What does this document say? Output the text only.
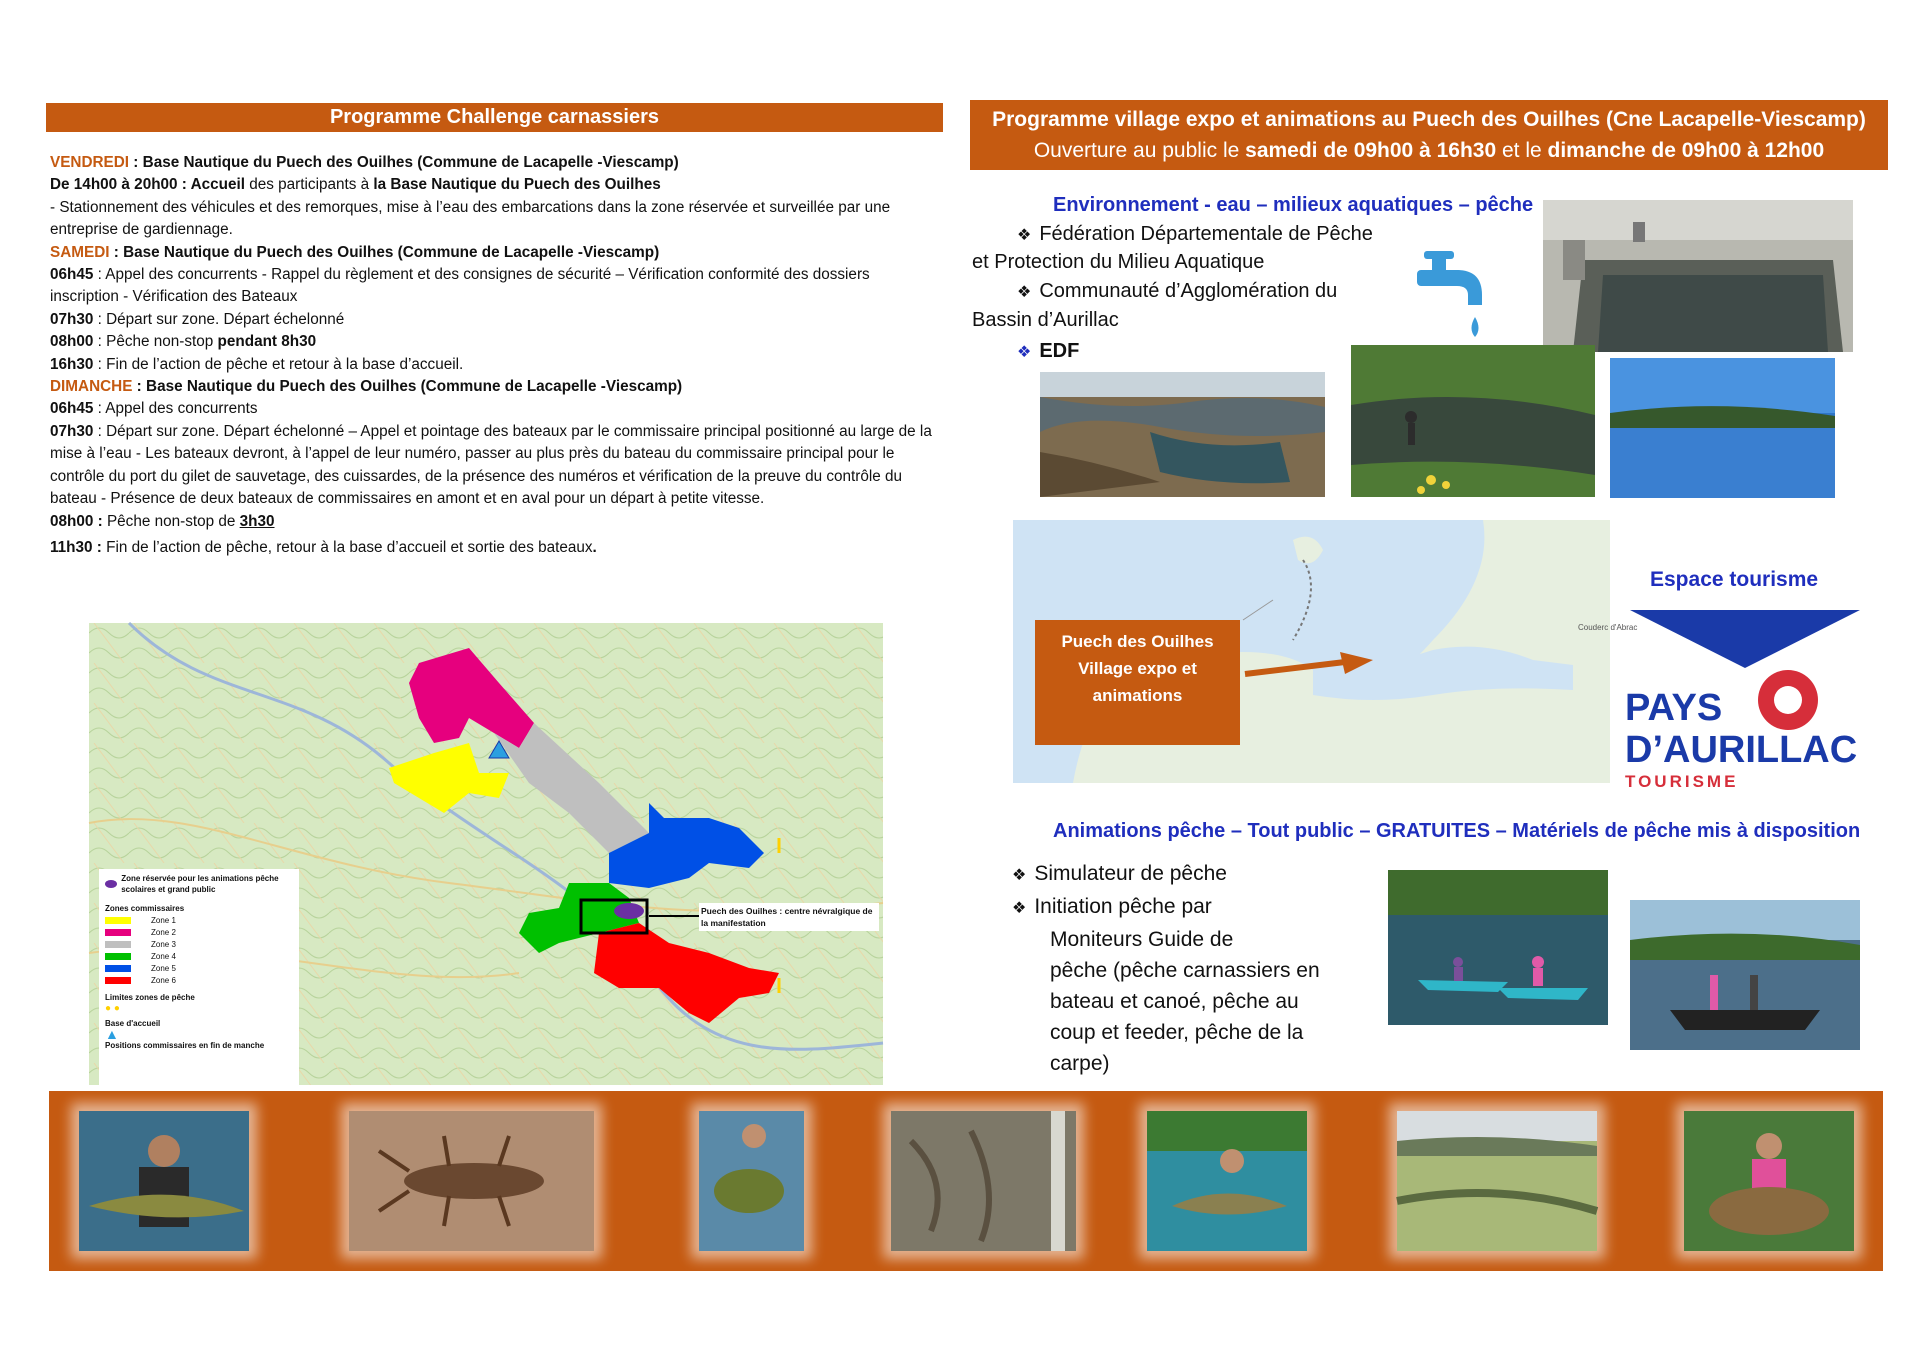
Programme Challenge carnassiers

VENDREDI : Base Nautique du Puech des Ouilhes (Commune de Lacapelle -Viescamp)

De 14h00 à 20h00 : Accueil des participants à la Base Nautique du Puech des Ouilhes

- Stationnement des véhicules et des remorques, mise à l’eau des embarcations dans la zone réservée et surveillée par une entreprise de gardiennage.

SAMEDI : Base Nautique du Puech des Ouilhes (Commune de Lacapelle -Viescamp)

06h45 : Appel des concurrents - Rappel du règlement et des consignes de sécurité – Vérification conformité des dossiers inscription - Vérification des Bateaux

07h30 : Départ sur zone. Départ échelonné

08h00 : Pêche non-stop pendant 8h30

16h30 : Fin de l’action de pêche et retour à la base d’accueil.

DIMANCHE : Base Nautique du Puech des Ouilhes (Commune de Lacapelle -Viescamp)

06h45 : Appel des concurrents

07h30 : Départ sur zone. Départ échelonné – Appel et pointage des bateaux par le commissaire principal positionné au large de la mise à l’eau - Les bateaux devront, à l’appel de leur numéro, passer au plus près du bateau du commissaire principal pour le contrôle du port du gilet de sauvetage, des cuissardes, de la présence des numéros et vérification de la preuve du contrôle du bateau - Présence de deux bateaux de commissaires en amont et en aval pour un départ à petite vitesse.

08h00 : Pêche non-stop de 3h30

11h30 : Fin de l’action de pêche, retour à la base d’accueil et sortie des bateaux.

Zone réservée pour les animations pêche scolaires et grand public
Zones commissaires
Zone 1
Zone 2
Zone 3
Zone 4
Zone 5
Zone 6
Limites zones de pêche
● ●
Base d'accueil
▲
Positions commissaires en fin de manche
Puech des Ouilhes : centre névralgique de la manifestation
Programme village expo et animations au Puech des Ouilhes (Cne Lacapelle-Viescamp)
Ouverture au public le samedi de 09h00 à 16h30 et le dimanche de 09h00 à 12h00
Environnement - eau – milieux aquatiques – pêche
❖ Fédération Départementale de Pêche
et Protection du Milieu Aquatique
❖ Communauté d’Agglomération du
Bassin d’Aurillac
❖ EDF
Couderc d'Abrac
Puech des Ouilhes Village expo et animations
Espace tourisme
PAYS
D’AURILLAC
TOURISME
Animations pêche – Tout public – GRATUITES – Matériels de pêche mis à disposition
❖ Simulateur de pêche
❖ Initiation pêche par
Moniteurs Guide de
pêche (pêche carnassiers en
bateau et canoé, pêche au
coup et feeder, pêche de la
carpe)
